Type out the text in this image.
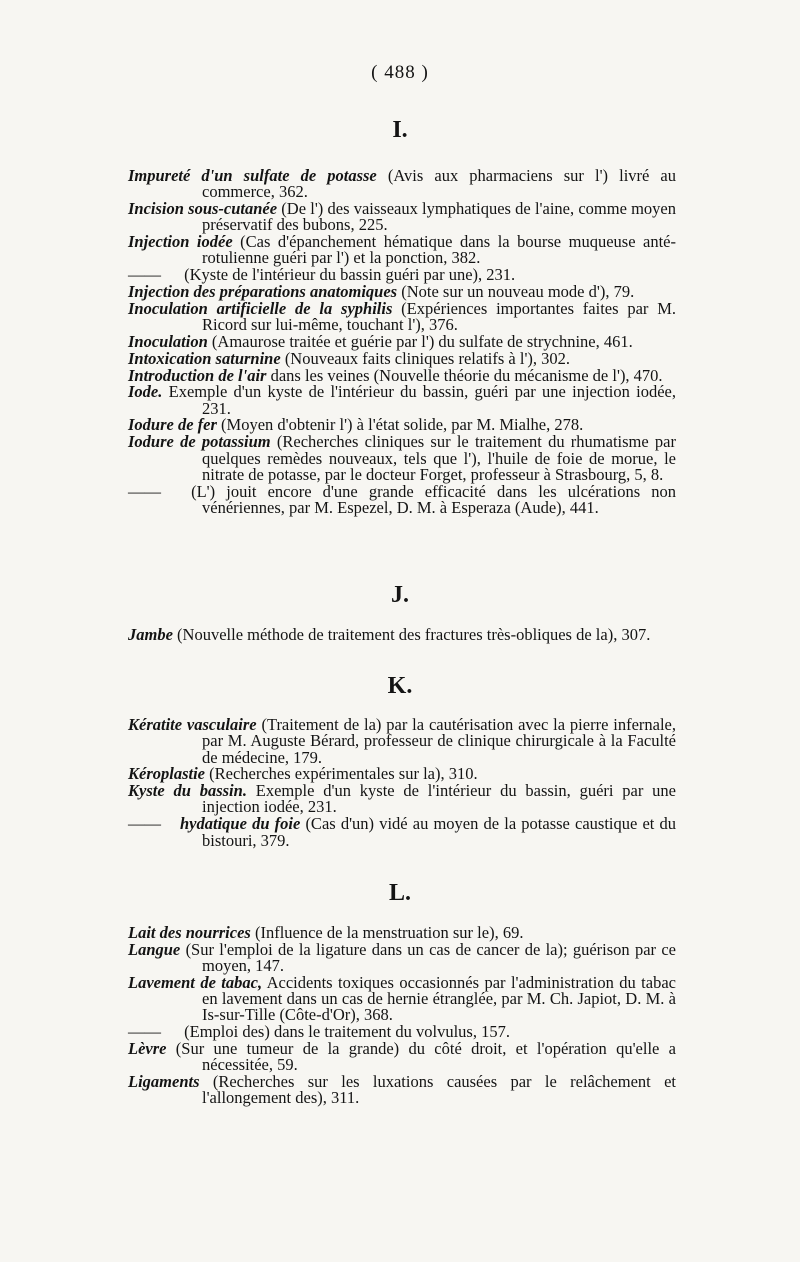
( 488 )
I.

Impureté d'un sulfate de potasse (Avis aux pharmaciens sur l') livré au commerce, 362.

Incision sous-cutanée (De l') des vaisseaux lymphatiques de l'aine, comme moyen préservatif des bubons, 225.

Injection iodée (Cas d'épanchement hématique dans la bourse muqueuse anté-rotulienne guéri par l') et la ponction, 382.

—— (Kyste de l'intérieur du bassin guéri par une), 231.

Injection des préparations anatomiques (Note sur un nouveau mode d'), 79.

Inoculation artificielle de la syphilis (Expériences importantes faites par M. Ricord sur lui-même, touchant l'), 376.

Inoculation (Amaurose traitée et guérie par l') du sulfate de strychnine, 461.

Intoxication saturnine (Nouveaux faits cliniques relatifs à l'), 302.

Introduction de l'air dans les veines (Nouvelle théorie du mécanisme de l'), 470.

Iode. Exemple d'un kyste de l'intérieur du bassin, guéri par une injection iodée, 231.

Iodure de fer (Moyen d'obtenir l') à l'état solide, par M. Mialhe, 278.

Iodure de potassium (Recherches cliniques sur le traitement du rhumatisme par quelques remèdes nouveaux, tels que l'), l'huile de foie de morue, le nitrate de potasse, par le docteur Forget, professeur à Strasbourg, 5, 8.

—— (L') jouit encore d'une grande efficacité dans les ulcérations non vénériennes, par M. Espezel, D. M. à Esperaza (Aude), 441.

J.

Jambe (Nouvelle méthode de traitement des fractures très-obliques de la), 307.

K.

Kératite vasculaire (Traitement de la) par la cautérisation avec la pierre infernale, par M. Auguste Bérard, professeur de clinique chirurgicale à la Faculté de médecine, 179.

Kéroplastie (Recherches expérimentales sur la), 310.

Kyste du bassin. Exemple d'un kyste de l'intérieur du bassin, guéri par une injection iodée, 231.

—— hydatique du foie (Cas d'un) vidé au moyen de la potasse caustique et du bistouri, 379.

L.

Lait des nourrices (Influence de la menstruation sur le), 69.

Langue (Sur l'emploi de la ligature dans un cas de cancer de la); guérison par ce moyen, 147.

Lavement de tabac, Accidents toxiques occasionnés par l'administration du tabac en lavement dans un cas de hernie étranglée, par M. Ch. Japiot, D. M. à Is-sur-Tille (Côte-d'Or), 368.

—— (Emploi des) dans le traitement du volvulus, 157.

Lèvre (Sur une tumeur de la grande) du côté droit, et l'opération qu'elle a nécessitée, 59.

Ligaments (Recherches sur les luxations causées par le relâchement et l'allongement des), 311.
